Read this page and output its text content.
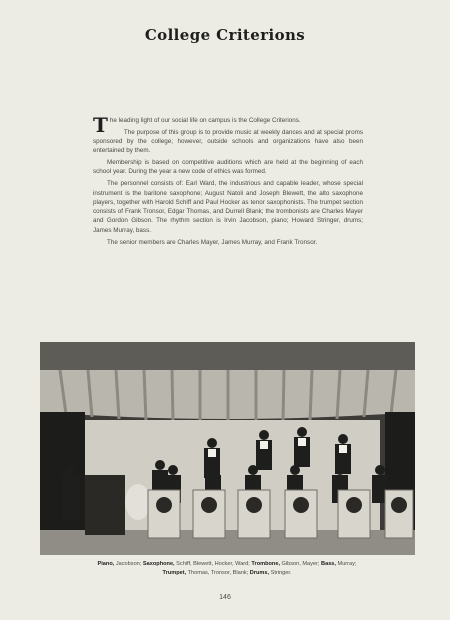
College Criterions

The leading light of our social life on campus is the College Criterions.

The purpose of this group is to provide music at weekly dances and at special proms sponsored by the college; however, outside schools and organizations have also been entertained by them.

Membership is based on competitive auditions which are held at the beginning of each school year. During the year a new code of ethics was formed.

The personnel consists of: Earl Ward, the industrious and capable leader, whose special instrument is the baritone saxophone; August Natoli and Joseph Blewett, the alto saxophone players, together with Harold Schiff and Paul Hocker as tenor saxophonists. The trumpet section consists of Frank Tronsor, Edgar Thomas, and Durrell Blank; the trombonists are Charles Mayer and Gordon Gibson. The rhythm section is Irvin Jacobson, piano; Howard Stringer, drums; James Murray, bass.

The senior members are Charles Mayer, James Murray, and Frank Tronsor.

Piano, Jacobson; Saxophone, Schiff, Blewett, Hocker, Ward; Trombone, Gibson, Mayer; Bass, Murray;
Trumpet, Thomas, Tronsor, Blank; Drums, Stringer.
146
